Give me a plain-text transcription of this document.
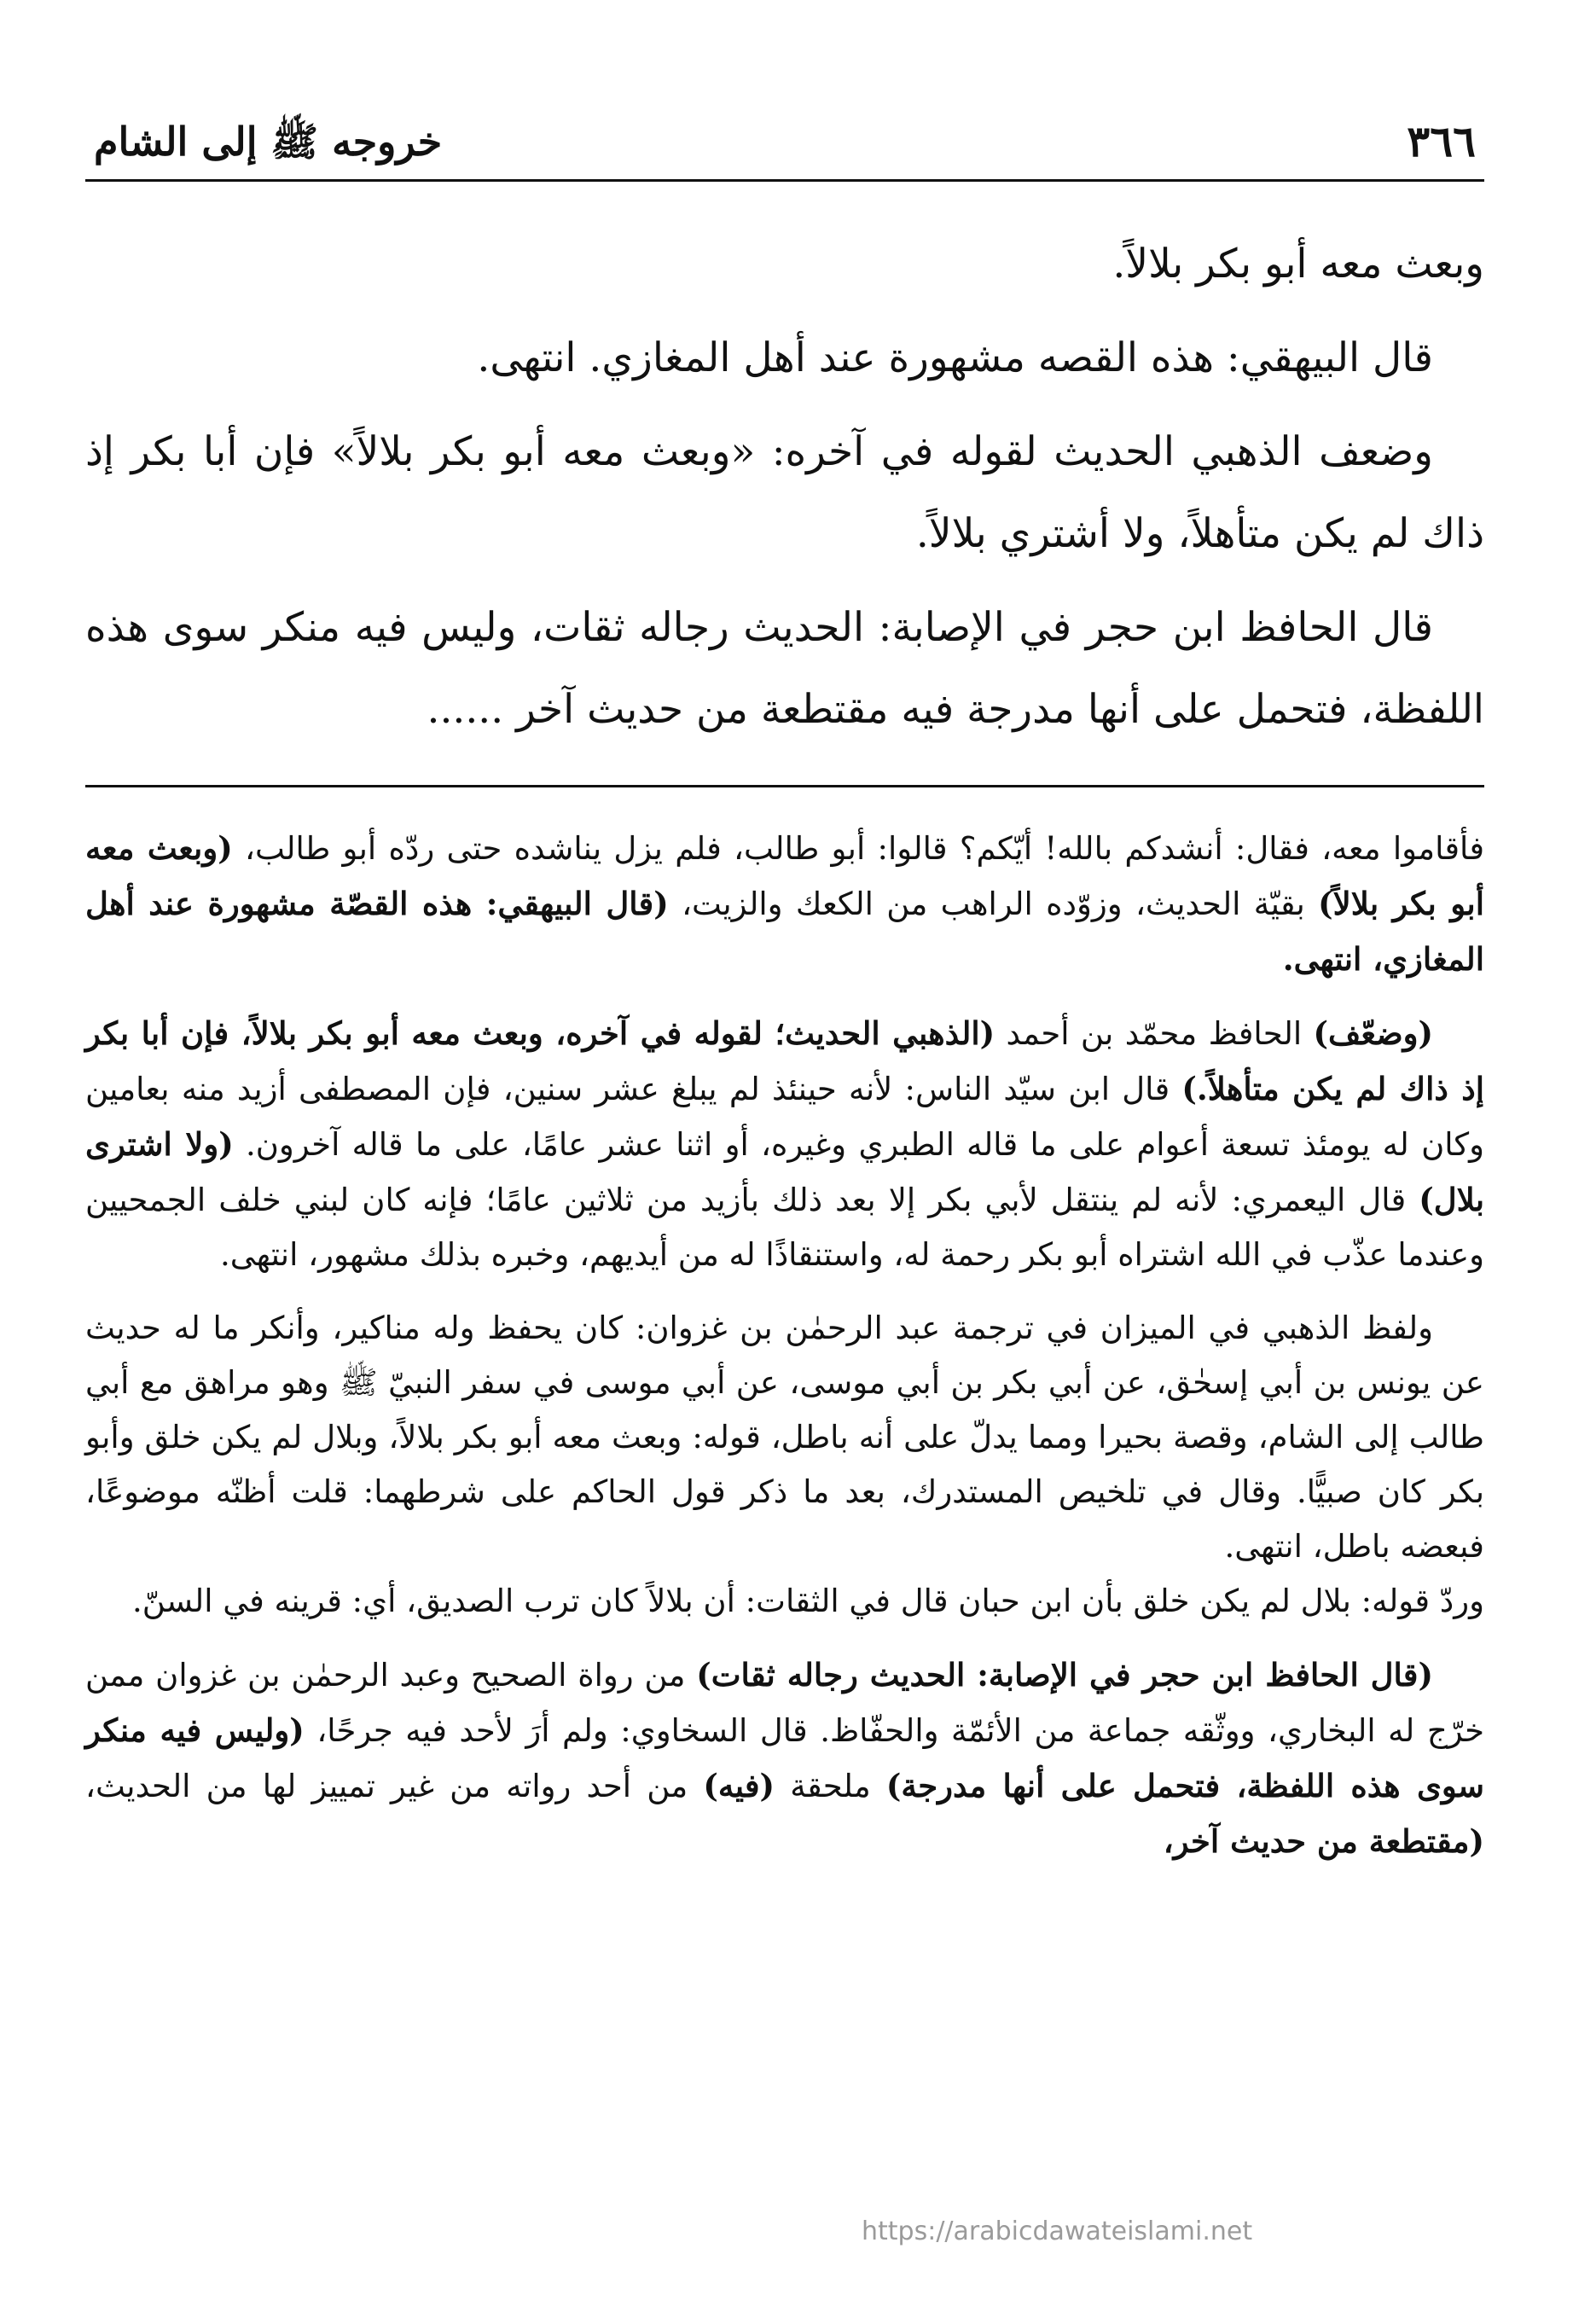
٣٦٦
خروجه ﷺ إلى الشام

وبعث معه أبو بكر بلالاً.

قال البيهقي: هذه القصه مشهورة عند أهل المغازي. انتهى.

وضعف الذهبي الحديث لقوله في آخره: «وبعث معه أبو بكر بلالاً» فإن أبا بكر إذ ذاك لم يكن متأهلاً، ولا أشتري بلالاً.

قال الحافظ ابن حجر في الإصابة: الحديث رجاله ثقات، وليس فيه منكر سوى هذه اللفظة، فتحمل على أنها مدرجة فيه مقتطعة من حديث آخر ......

فأقاموا معه، فقال: أنشدكم بالله! أيّكم؟ قالوا: أبو طالب، فلم يزل يناشده حتى ردّه أبو طالب، (وبعث معه أبو بكر بلالاً) بقيّة الحديث، وزوّده الراهب من الكعك والزيت، (قال البيهقي: هذه القصّة مشهورة عند أهل المغازي، انتهى.

(وضعّف) الحافظ محمّد بن أحمد (الذهبي الحديث؛ لقوله في آخره، وبعث معه أبو بكر بلالاً، فإن أبا بكر إذ ذاك لم يكن متأهلاً.) قال ابن سيّد الناس: لأنه حينئذ لم يبلغ عشر سنين، فإن المصطفى أزيد منه بعامين وكان له يومئذ تسعة أعوام على ما قاله الطبري وغيره، أو اثنا عشر عامًا، على ما قاله آخرون. (ولا اشترى بلال) قال اليعمري: لأنه لم ينتقل لأبي بكر إلا بعد ذلك بأزيد من ثلاثين عامًا؛ فإنه كان لبني خلف الجمحيين وعندما عذّب في الله اشتراه أبو بكر رحمة له، واستنقاذًا له من أيديهم، وخبره بذلك مشهور، انتهى.

ولفظ الذهبي في الميزان في ترجمة عبد الرحمٰن بن غزوان: كان يحفظ وله مناكير، وأنكر ما له حديث عن يونس بن أبي إسحٰق، عن أبي بكر بن أبي موسى، عن أبي موسى في سفر النبيّ ﷺ وهو مراهق مع أبي طالب إلى الشام، وقصة بحيرا ومما يدلّ على أنه باطل، قوله: وبعث معه أبو بكر بلالاً، وبلال لم يكن خلق وأبو بكر كان صبيًّا. وقال في تلخيص المستدرك، بعد ما ذكر قول الحاكم على شرطهما: قلت أظنّه موضوعًا، فبعضه باطل، انتهى.

وردّ قوله: بلال لم يكن خلق بأن ابن حبان قال في الثقات: أن بلالاً كان ترب الصديق، أي: قرينه في السنّ.

(قال الحافظ ابن حجر في الإصابة: الحديث رجاله ثقات) من رواة الصحيح وعبد الرحمٰن بن غزوان ممن خرّج له البخاري، ووثّقه جماعة من الأئمّة والحفّاظ. قال السخاوي: ولم أرَ لأحد فيه جرحًا، (وليس فيه منكر سوى هذه اللفظة، فتحمل على أنها مدرجة) ملحقة (فيه) من أحد رواته من غير تمييز لها من الحديث، (مقتطعة من حديث آخر،

https://arabicdawateislami.net
